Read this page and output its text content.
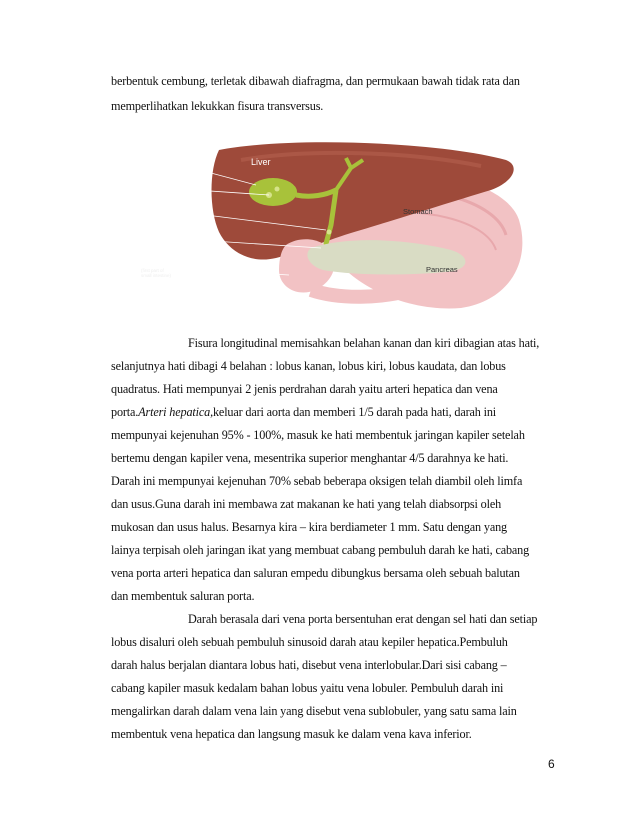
berbentuk cembung, terletak dibawah diafragma, dan permukaan bawah tidak rata dan
memperlihatkan lekukkan fisura transversus.
Gallbladder	Liver
Gallstones
Common
duct stones
Stomach
Common
bile duct
Duodenum
(first part of
small intestine)
Pancreas
Fisura longitudinal memisahkan belahan kanan dan kiri dibagian atas hati,
selanjutnya hati dibagi 4 belahan : lobus kanan, lobus kiri, lobus kaudata, dan lobus
quadratus. Hati mempunyai 2 jenis perdrahan darah yaitu arteri hepatica dan vena
porta.Arteri hepatica,keluar dari aorta dan memberi 1/5 darah pada hati, darah ini
mempunyai kejenuhan 95% - 100%, masuk ke hati membentuk jaringan kapiler setelah
bertemu dengan kapiler vena, mesentrika superior menghantar 4/5 darahnya ke hati.
Darah ini mempunyai kejenuhan 70% sebab beberapa oksigen telah diambil oleh limfa
dan usus.Guna darah ini membawa zat makanan ke hati yang telah diabsorpsi oleh
mukosan dan usus halus. Besarnya kira – kira berdiameter 1 mm. Satu dengan yang
lainya terpisah oleh jaringan ikat yang membuat cabang pembuluh darah ke hati, cabang
vena porta arteri hepatica dan saluran empedu dibungkus bersama oleh sebuah balutan
dan membentuk saluran porta.
Darah berasala dari vena porta bersentuhan erat dengan sel hati dan setiap
lobus disaluri oleh sebuah pembuluh sinusoid darah atau kepiler hepatica.Pembuluh
darah halus berjalan diantara lobus hati, disebut vena interlobular.Dari sisi cabang –
cabang kapiler masuk kedalam bahan lobus yaitu vena lobuler. Pembuluh darah ini
mengalirkan darah dalam vena lain yang disebut vena sublobuler, yang satu sama lain
membentuk vena hepatica dan langsung masuk ke dalam vena kava inferior.
6
